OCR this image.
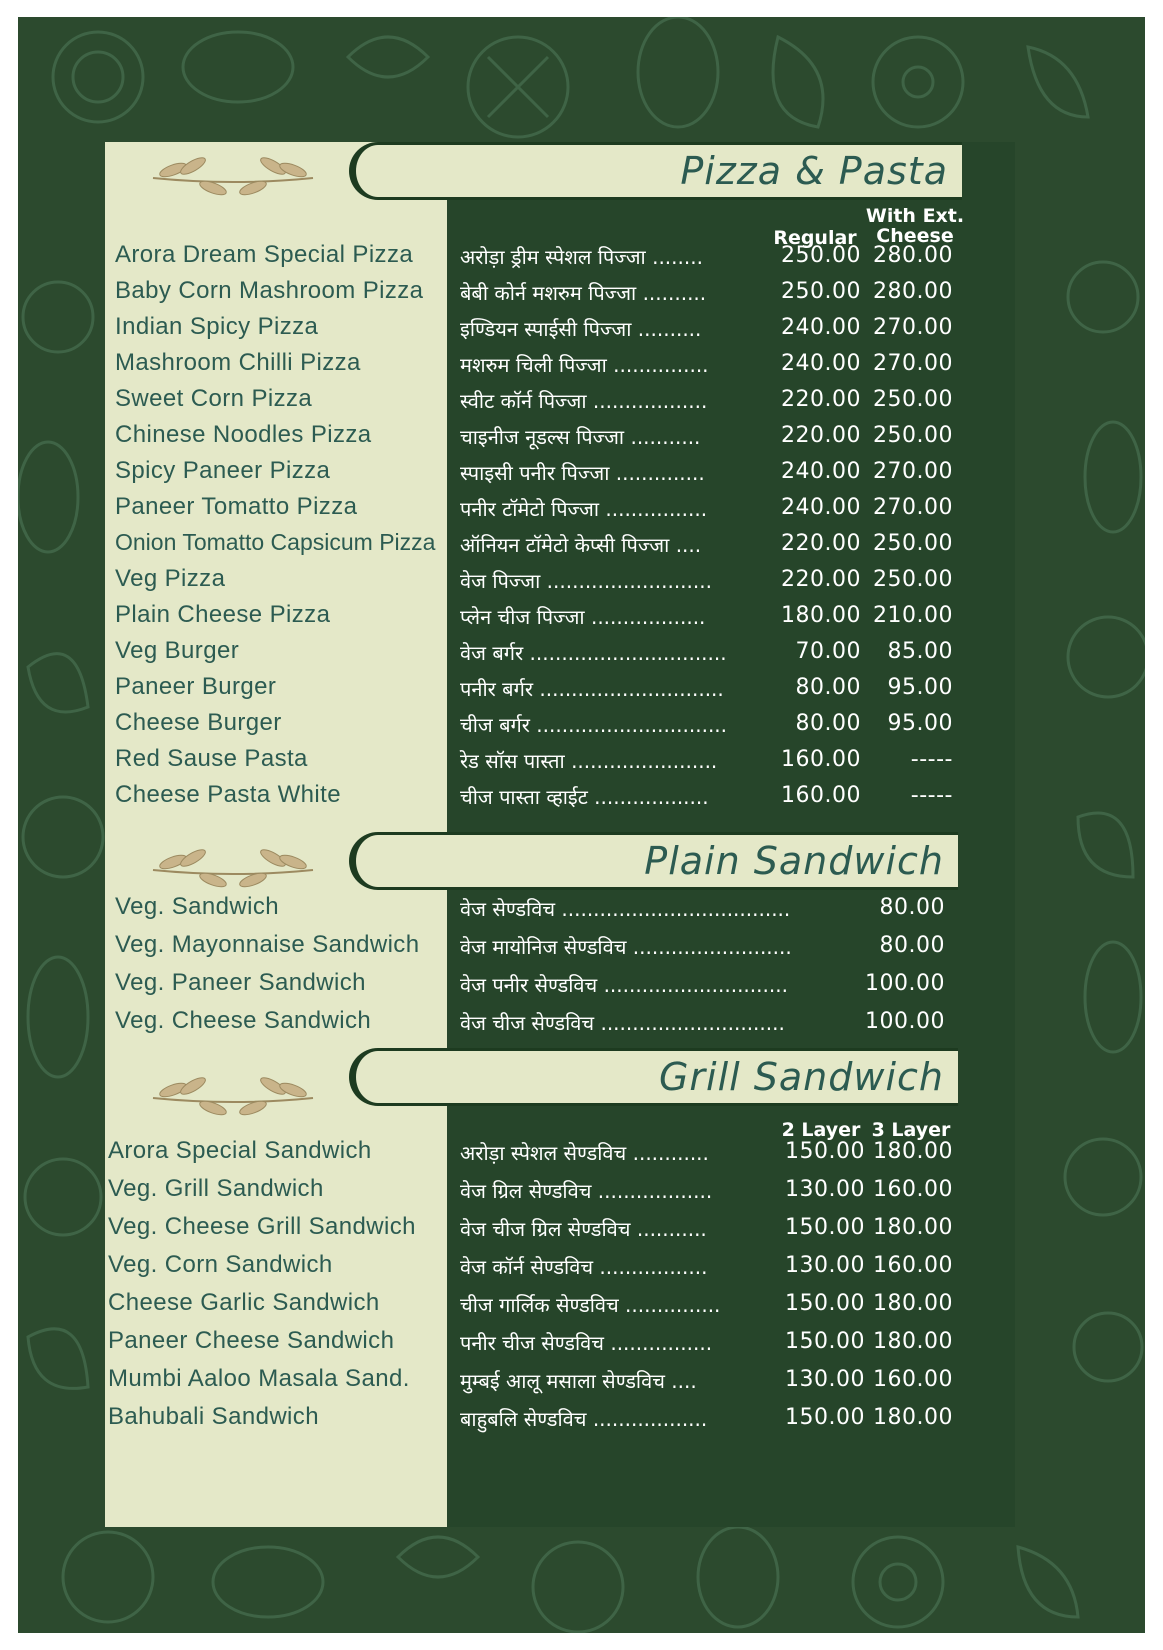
Pizza & Pasta
Regular
With Ext. Cheese
Arora Dream Special Pizza अरोड़ा ड्रीम स्पेशल पिज्जा ........	250.00 280.00
Baby Corn Mashroom Pizza बेबी कोर्न मशरुम पिज्जा ..........	250.00 280.00
Indian Spicy Pizza	इण्डियन स्पाईसी पिज्जा ..........	240.00 270.00
Mashroom Chilli Pizza	मशरुम चिली पिज्जा ...............	240.00 270.00
Sweet Corn Pizza	स्वीट कॉर्न पिज्जा ..................	220.00 250.00
Chinese Noodles Pizza	चाइनीज नूडल्स पिज्जा ...........	220.00 250.00
Spicy Paneer Pizza	स्पाइसी पनीर पिज्जा ..............	240.00 270.00
Paneer Tomatto Pizza	पनीर टॉमेटो पिज्जा ................	240.00 270.00
Onion Tomatto Capsicum Pizza ऑनियन टॉमेटो केप्सी पिज्जा ....	220.00 250.00
Veg Pizza	वेज पिज्जा ..........................	220.00 250.00
Plain Cheese Pizza	प्लेन चीज पिज्जा ..................	180.00 210.00
Veg Burger	वेज बर्गर ...............................	70.00	85.00
Paneer Burger	पनीर बर्गर .............................	80.00	95.00
Cheese Burger	चीज बर्गर ..............................	80.00	95.00
Red Sause Pasta	रेड सॉस पास्ता .......................	160.00	-----
Cheese Pasta White	चीज पास्ता व्हाईट ..................	160.00	-----
Plain Sandwich
Veg. Sandwich	वेज सेण्डविच ....................................	80.00
Veg. Mayonnaise Sandwich वेज मायोनिज सेण्डविच .........................	80.00
Veg. Paneer Sandwich	वेज पनीर सेण्डविच .............................	100.00
Veg. Cheese Sandwich	वेज चीज सेण्डविच .............................	100.00
Grill Sandwich
2 Layer 3 Layer
Arora Special Sandwich	अरोड़ा स्पेशल सेण्डविच ............	150.00 180.00
Veg. Grill Sandwich	वेज ग्रिल सेण्डविच ..................	130.00 160.00
Veg. Cheese Grill Sandwich वेज चीज ग्रिल सेण्डविच ...........	150.00 180.00
Veg. Corn Sandwich	वेज कॉर्न सेण्डविच .................	130.00 160.00
Cheese Garlic Sandwich	चीज गार्लिक सेण्डविच ...............	150.00 180.00
Paneer Cheese Sandwich	पनीर चीज सेण्डविच ................	150.00 180.00
Mumbi Aaloo Masala Sand.	मुम्बई आलू मसाला सेण्डविच ....	130.00 160.00
Bahubali Sandwich	बाहुबलि सेण्डविच ..................	150.00 180.00
